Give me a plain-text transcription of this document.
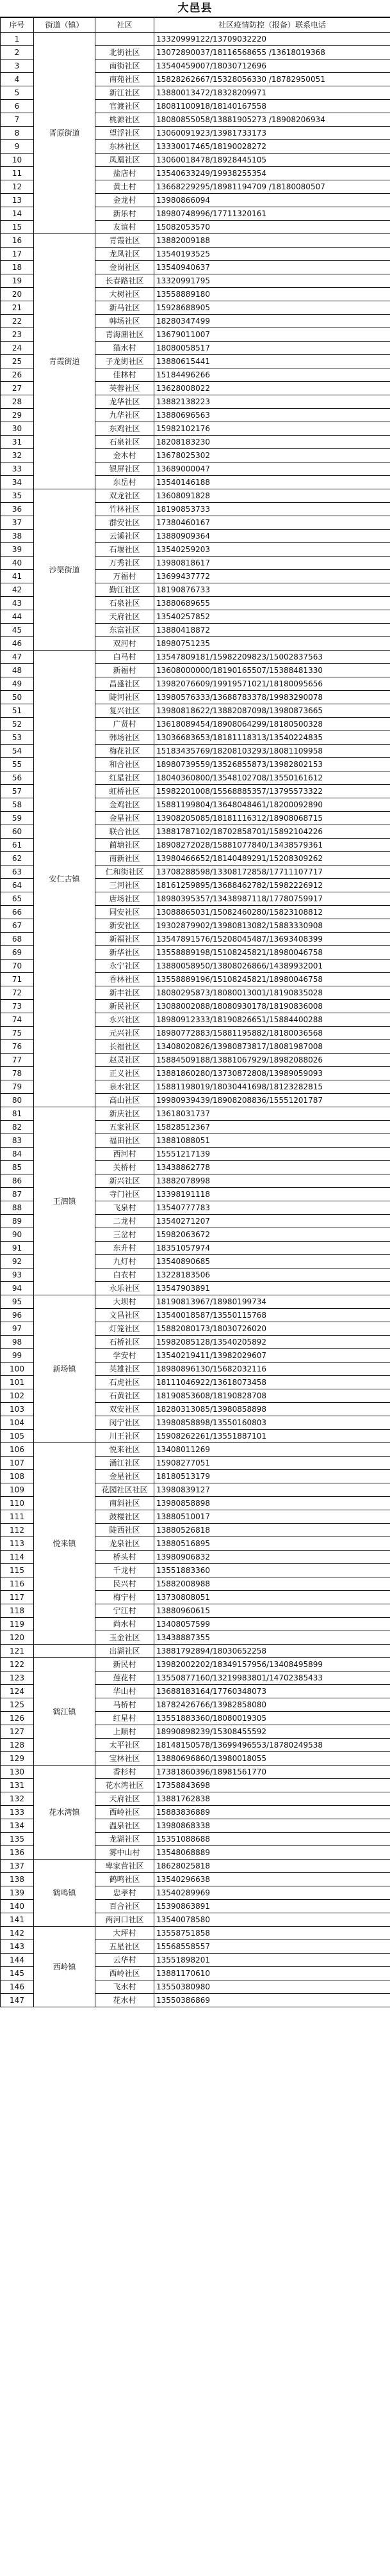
大邑县
序号	街道（镇）	社区	社区疫情防控（报备）联系电话
1	晋原街道		13320999122/13709032220
2		北街社区	13072890037/18116568655 /13618019368
3		南街社区	13540459007/18030712696
4		南苑社区	15828262667/15328056330 /18782950051
5		新江社区	13880013472/18328209971
6		官渡社区	18081100918/18140167558
7		桃源社区	18080855058/13881905273 /18908206934
8		望浮社区	13060091923/13981733173
9		东林社区	13330017465/18190028272
10		凤凰社区	13060018478/18928445105
11		盐店村	13540633249/19938255354
12		黄土村	13668229295/18981194709 /18180080507
13		金龙村	13980866094
14		新乐村	18980748996/17711320161
15		友谊村	15082053570
16	青霞街道	青霞社区	13882009188
17		龙凤社区	13540193525
18		金岗社区	13540940637
19		长春路社区	13320991795
20		大树社区	13558889180
21		新马社区	15928688905
22		韩场社区	18280347499
23		青海潮社区	13679011007
24		猫水村	18080058517
25		子龙街社区	13880615441
26		佳林村	15184496266
27		芙蓉社区	13628008022
28		龙华社区	13882138223
29		九华社区	13880696563
30		东鸡社区	15982102176
31		石泉社区	18208183230
32		金木村	13678025302
33		银屏社区	13689000047
34		东岳村	13540146188
35	沙渠街道	双龙社区	13608091828
36		竹林社区	18190853733
37		群安社区	17380460167
38		云溪社区	13880909364
39		石堰社区	13540259203
40		万秀社区	13980818617
41		万福村	13699437772
42		勤江社区	18190876733
43		石泉社区	13880689655
44		天府社区	13540257852
45		东富社区	13880418872
46		双河村	18980751235
47	安仁古镇	白马村	13547809181/15982209823/15002837563
48		新福村	13608000000/18190165507/15388481330
49		昌盛社区	13982076609/19919571021/18180095656
50		陡河社区	13980576333/13688783378/19983290078
51		复兴社区	13980818622/13882087098/13980873665
52		广贤村	13618089454/18908064299/18180500328
53		韩场社区	13036683653/18181118313/13540224835
54		梅花社区	15183435769/18208103293/18081109958
55		和合社区	18980739559/13526855873/13982802153
56		红星社区	18040360800/13548102708/13550161612
57		虹桥社区	15982201008/15568885357/13795573322
58		金鸡社区	15881199804/13648048461/18200092890
59		金星社区	13908205085/18181116312/18908068715
60		联合社区	13881787102/18702858701/15892104226
61		蔺塘社区	18908272028/15881077840/13438579361
62		南新社区	13980466652/18140489291/15208309262
63		仁和街社区	13708288598/13308172858/17711107717
64		三河社区	18161259895/13688462782/15982226912
65		唐场社区	18980395357/13438987118/17780759917
66		同安社区	13088865031/15082460280/15823108812
67		新安社区	19302879902/13980813082/15883330908
68		新福社区	13547891576/15208045487/13693408399
69		新华社区	13558889198/15108245821/18980046758
70		永宁社区	13880058950/13808026866/14389932001
71		香林社区	13558889196/15108245821/18980046758
72		新丰社区	18080295873/18080013001/18190835028
73		新民社区	13088002088/18080930178/18190836008
74		永兴社区	18980912333/18190826651/15884400288
75		元兴社区	18980772883/15881195882/18180036568
76		长福社区	13408020826/13980873817/18081987008
77		赵灵社区	15884509188/13881067929/18982088026
78		正义社区	13881860280/13730872808/13989059093
79		泉水社区	15881198019/18030441698/18123282815
80		高山社区	19980939439/18908208836/15551201787
81	王泗镇	新庆社区	13618031737
82		五家社区	15828512367
83		福田社区	13881088051
84		西河村	15551217139
85		关桥村	13438862778
86		新兴社区	13882078998
87		寺门社区	13398191118
88		飞泉村	13540777783
89		二龙村	13540271207
90		三岔村	15982063672
91		东升村	18351057974
92		九灯村	13540890685
93		白衣村	13228183506
94		永乐社区	13547903891
95	新场镇	大坝村	18190813967/18980199734
96		文昌社区	13540018587/13550115768
97		灯笼社区	15882080173/18030726020
98		石桥社区	15982085128/13540205892
99		学安村	13540219411/13982029607
100		英雄社区	18980896130/15682032116
101		石虎社区	18111046922/13618073458
102		石黄社区	18190853608/18190828708
103		双安社区	18280313085/13980858898
104		闵宁社区	13980858898/13550160803
105		川王社区	15908262261/13551887101
106	悦来镇	悦来社区	13408011269
107		涌江社区	15908277051
108		金星社区	18180513179
109		花园社区社区	13980839127
110		南斜社区	13980858898
111		鼓楼社区	13880510017
112		陡西社区	13880526818
113		龙泉社区	13880516895
114		桥头村	13980906832
115		千龙村	13551883360
116		民兴村	15882008988
117		梅宁村	13730808051
118		宁江村	13880960615
119		尚水村	13408057599
120		玉金社区	13438887355
121		出湖社区	13881792894/18030652258
122	鹤江镇	新民村	13982002202/18349157956/13408495899
123		莲花村	13550877160/13219983801/14702385433
124		华山村	13688183164/17760348073
125		马桥村	18782426766/13982858080
126		红星村	13551883360/18080019305
127		上顺村	18990898239/15308455592
128		太平社区	18148150578/13699496553/18780249538
129		宝林社区	13880696860/13980018055
130	花水湾镇	香杉村	17381860396/18981561770
131		花水湾社区	17358843698
132		天府社区	13881762838
133		西岭社区	15883836889
134		温泉社区	13980868338
135		龙湖社区	15351088688
136		雾中山村	13548068889
137	鹤鸣镇	卑家营社区	18628025818
138		鹤鸣社区	13540296638
139		忠孝村	13540289969
140		百合社区	15390863891
141		两河口社区	13540078580
142	西岭镇	大坪村	13558751858
143		五星社区	15568558557
144		云华村	13551898201
145		西岭社区	13881170610
146		飞水村	13550380980
147		花水村	13550386869
